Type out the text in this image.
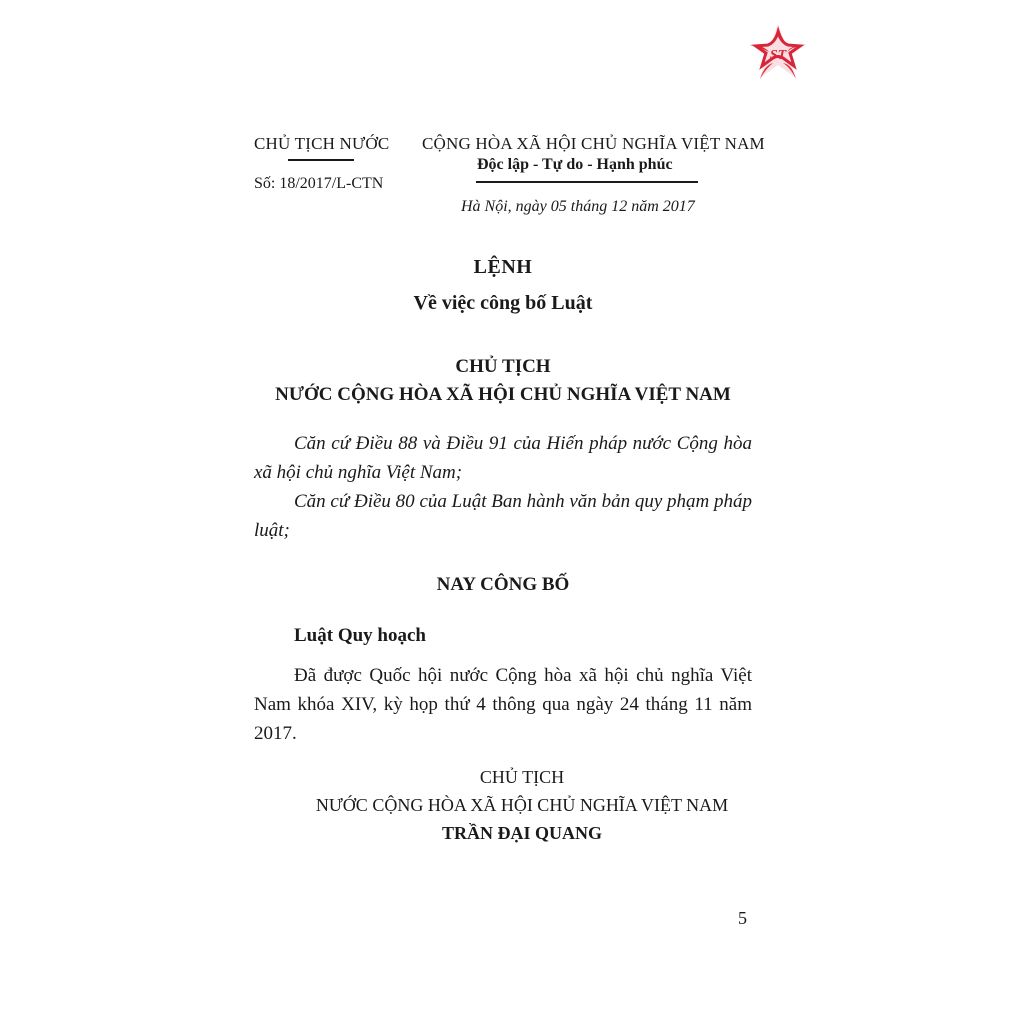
ST
CHỦ TỊCH NƯỚC
Số: 18/2017/L-CTN
CỘNG HÒA XÃ HỘI CHỦ NGHĨA VIỆT NAM
Độc lập - Tự do - Hạnh phúc
Hà Nội, ngày 05 tháng 12 năm 2017
LỆNH
Về việc công bố Luật
CHỦ TỊCH
NƯỚC CỘNG HÒA XÃ HỘI CHỦ NGHĨA VIỆT NAM

Căn cứ Điều 88 và Điều 91 của Hiến pháp nước Cộng hòa xã hội chủ nghĩa Việt Nam;

Căn cứ Điều 80 của Luật Ban hành văn bản quy phạm pháp luật;

NAY CÔNG BỐ
Luật Quy hoạch

Đã được Quốc hội nước Cộng hòa xã hội chủ nghĩa Việt Nam khóa XIV, kỳ họp thứ 4 thông qua ngày 24 tháng 11 năm 2017.

CHỦ TỊCH
NƯỚC CỘNG HÒA XÃ HỘI CHỦ NGHĨA VIỆT NAM
TRẦN ĐẠI QUANG
5
